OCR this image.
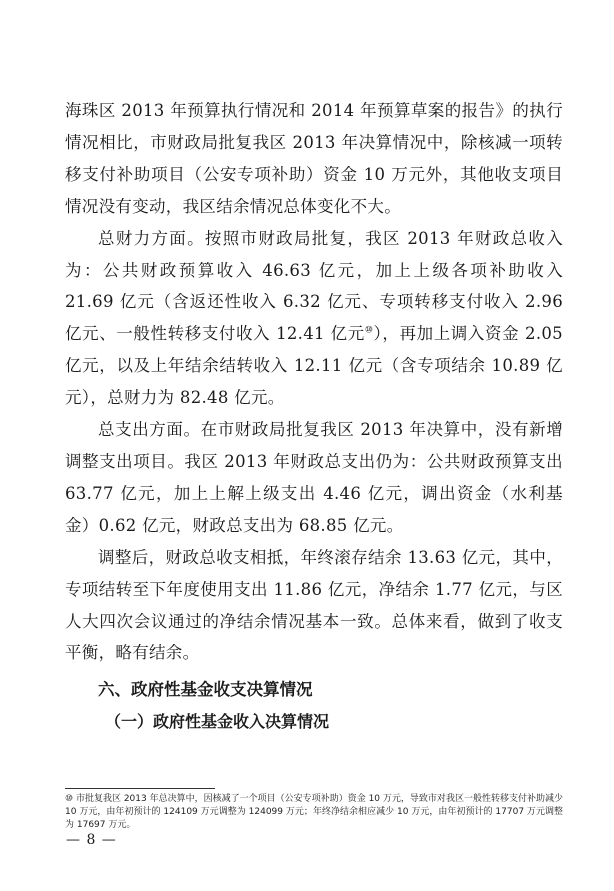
海珠区 2013 年预算执行情况和 2014 年预算草案的报告》的执行情况相比，市财政局批复我区 2013 年决算情况中，除核减一项转移支付补助项目（公安专项补助）资金 10 万元外，其他收支项目情况没有变动，我区结余情况总体变化不大。

总财力方面。按照市财政局批复，我区 2013 年财政总收入为：公共财政预算收入 46.63 亿元，加上上级各项补助收入 21.69 亿元（含返还性收入 6.32 亿元、专项转移支付收入 2.96 亿元、一般性转移支付收入 12.41 亿元⑩），再加上调入资金 2.05 亿元，以及上年结余结转收入 12.11 亿元（含专项结余 10.89 亿元），总财力为 82.48 亿元。

总支出方面。在市财政局批复我区 2013 年决算中，没有新增调整支出项目。我区 2013 年财政总支出仍为：公共财政预算支出 63.77 亿元，加上上解上级支出 4.46 亿元，调出资金（水利基金）0.62 亿元，财政总支出为 68.85 亿元。

调整后，财政总收支相抵，年终滚存结余 13.63 亿元，其中，专项结转至下年度使用支出 11.86 亿元，净结余 1.77 亿元，与区人大四次会议通过的净结余情况基本一致。总体来看，做到了收支平衡，略有结余。

六、政府性基金收支决算情况
（一）政府性基金收入决算情况
⑩ 市批复我区 2013 年总决算中，因核减了一个项目（公安专项补助）资金 10 万元，导致市对我区一般性转移支付补助减少 10 万元，由年初预计的 124109 万元调整为 124099 万元；年终净结余相应减少 10 万元，由年初预计的 17707 万元调整为 17697 万元。
— 8 —
